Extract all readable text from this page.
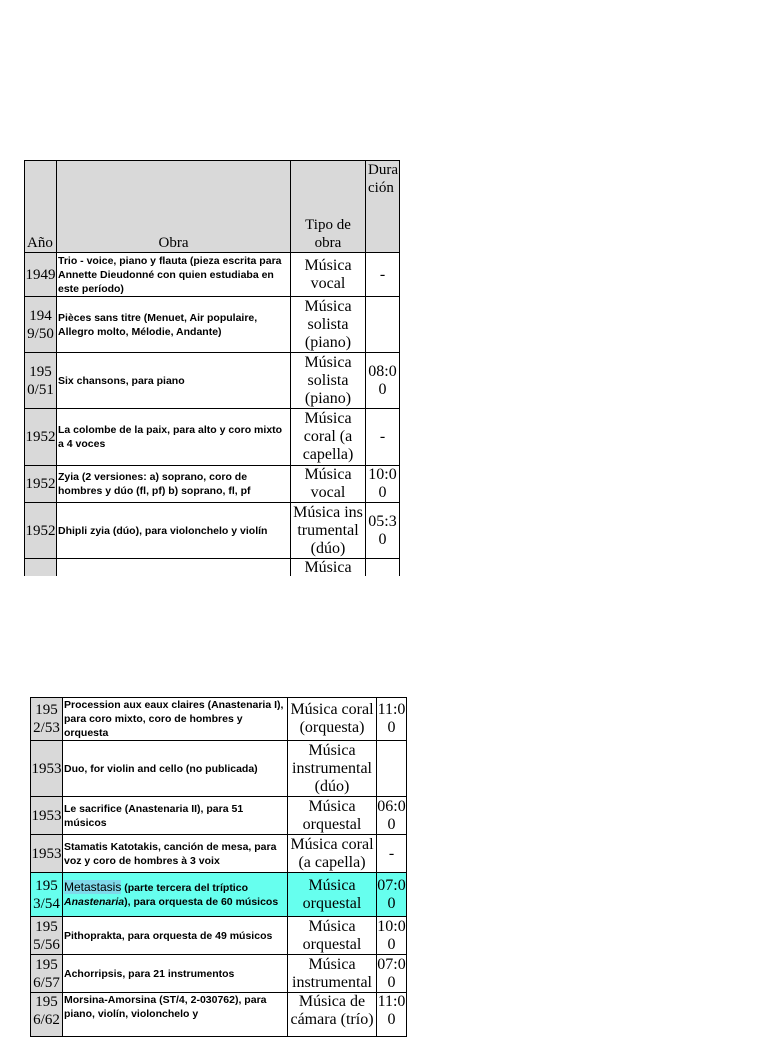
Año	Obra	Tipo de obra	Duración
1949	Trio - voice, piano y flauta (pieza escrita para Annette Dieudonné con quien estudiaba en este período)	Música vocal	-
1949/50	Pièces sans titre (Menuet, Air populaire, Allegro molto, Mélodie, Andante)	Música solista (piano)	
1950/51	Six chansons, para piano	Música solista (piano)	08:00
1952	La colombe de la paix, para alto y coro mixto a 4 voces	Música coral (a capella)	-
1952	Zyia (2 versiones: a) soprano, coro de hombres y dúo (fl, pf) b) soprano, fl, pf	Música vocal	10:00
1952	Dhipli zyia (dúo), para violonchelo y violín	Música instrumental (dúo)	05:30
		Música	
1952/53	Procession aux eaux claires (Anastenaria I), para coro mixto, coro de hombres y orquesta	Música coral (orquesta)	11:00
1953	Duo, for violin and cello (no publicada)	Música instrumental (dúo)	
1953	Le sacrifice (Anastenaria II), para 51 músicos	Música orquestal	06:00
1953	Stamatis Katotakis, canción de mesa, para voz y coro de hombres à 3 voix	Música coral (a capella)	-
1953/54	Metastasis (parte tercera del tríptico Anastenaria), para orquesta de 60 músicos	Música orquestal	07:00
1955/56	Pithoprakta, para orquesta de 49 músicos	Música orquestal	10:00
1956/57	Achorripsis, para 21 instrumentos	Música instrumental	07:00
1956/62	Morsina-Amorsina (ST/4, 2-030762), para piano, violín, violonchelo y	Música de cámara (trío)	11:00
